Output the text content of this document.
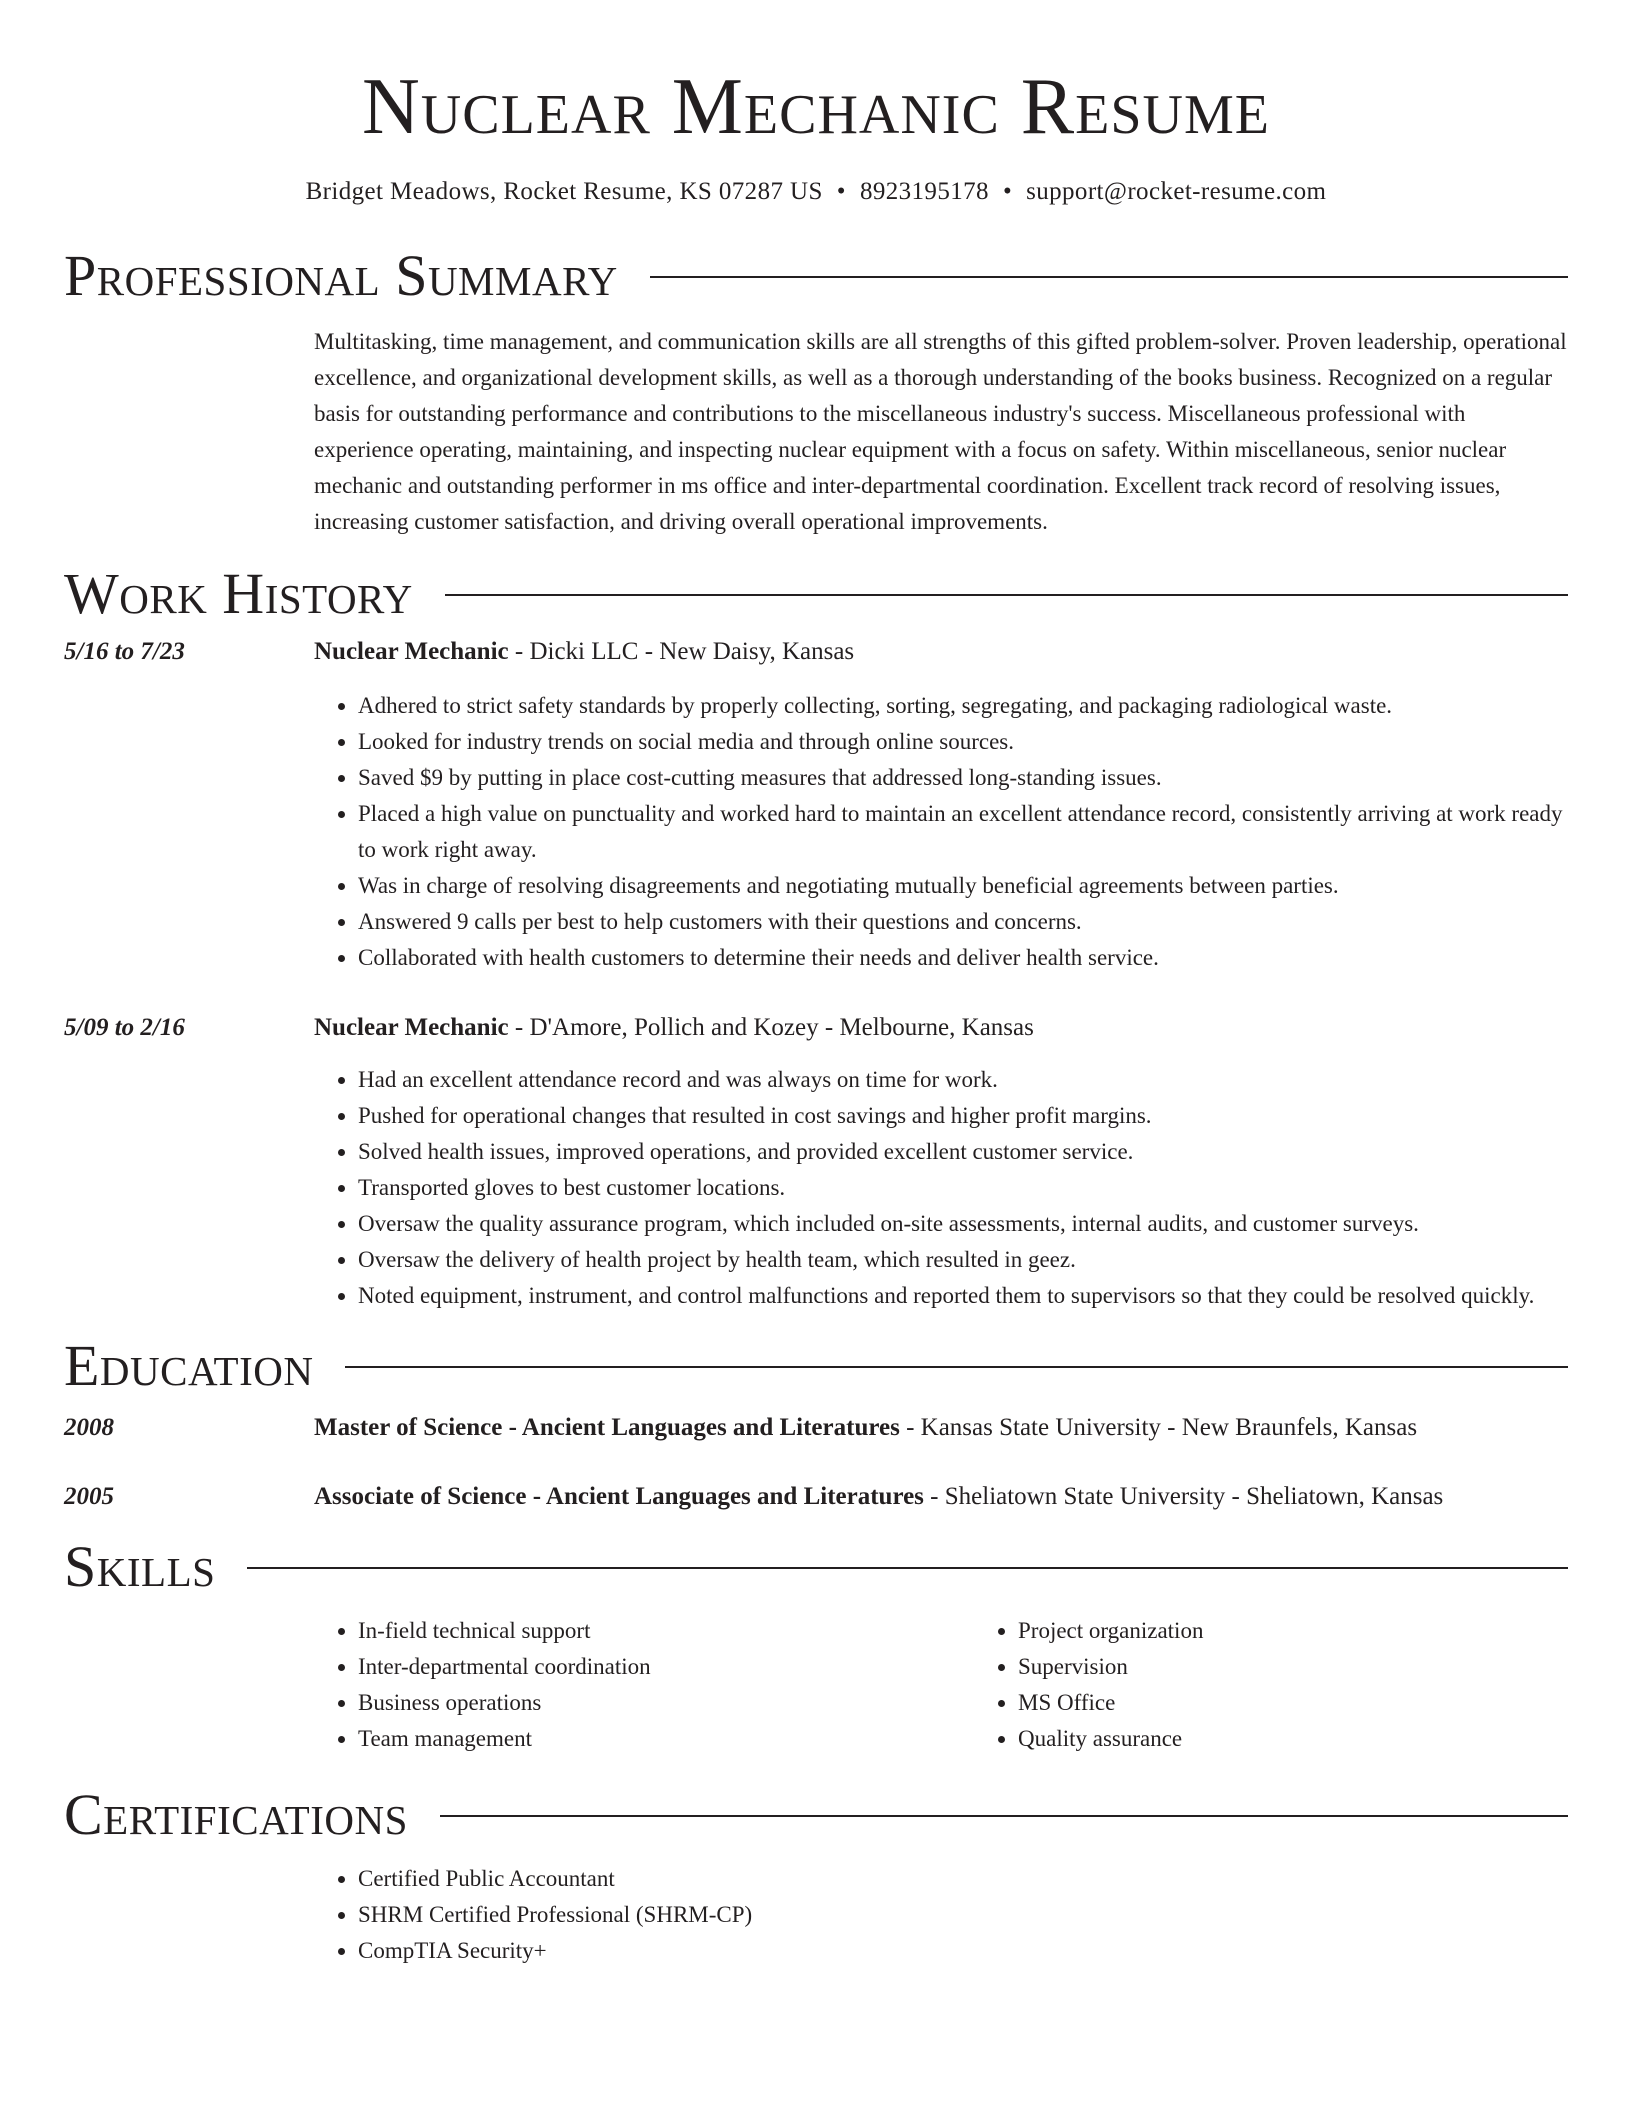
Nuclear Mechanic Resume
Bridget Meadows, Rocket Resume, KS 07287 US • 8923195178 • support@rocket-resume.com
Professional Summary
Multitasking, time management, and communication skills are all strengths of this gifted problem-solver. Proven leadership, operational excellence, and organizational development skills, as well as a thorough understanding of the books business. Recognized on a regular basis for outstanding performance and contributions to the miscellaneous industry's success. Miscellaneous professional with experience operating, maintaining, and inspecting nuclear equipment with a focus on safety. Within miscellaneous, senior nuclear mechanic and outstanding performer in ms office and inter-departmental coordination. Excellent track record of resolving issues, increasing customer satisfaction, and driving overall operational improvements.
Work History
5/16 to 7/23	Nuclear Mechanic - Dicki LLC - New Daisy, Kansas
• Adhered to strict safety standards by properly collecting, sorting, segregating, and packaging radiological waste.
• Looked for industry trends on social media and through online sources.
• Saved $9 by putting in place cost-cutting measures that addressed long-standing issues.
• Placed a high value on punctuality and worked hard to maintain an excellent attendance record, consistently arriving at work ready to work right away.
• Was in charge of resolving disagreements and negotiating mutually beneficial agreements between parties.
• Answered 9 calls per best to help customers with their questions and concerns.
• Collaborated with health customers to determine their needs and deliver health service.
5/09 to 2/16	Nuclear Mechanic - D'Amore, Pollich and Kozey - Melbourne, Kansas
• Had an excellent attendance record and was always on time for work.
• Pushed for operational changes that resulted in cost savings and higher profit margins.
• Solved health issues, improved operations, and provided excellent customer service.
• Transported gloves to best customer locations.
• Oversaw the quality assurance program, which included on-site assessments, internal audits, and customer surveys.
• Oversaw the delivery of health project by health team, which resulted in geez.
• Noted equipment, instrument, and control malfunctions and reported them to supervisors so that they could be resolved quickly.
Education
2008	Master of Science - Ancient Languages and Literatures - Kansas State University - New Braunfels, Kansas
2005	Associate of Science - Ancient Languages and Literatures - Sheliatown State University - Sheliatown, Kansas
Skills
• In-field technical support
• Inter-departmental coordination
• Business operations
• Team management
• Project organization
• Supervision
• MS Office
• Quality assurance
Certifications
• Certified Public Accountant
• SHRM Certified Professional (SHRM-CP)
• CompTIA Security+
